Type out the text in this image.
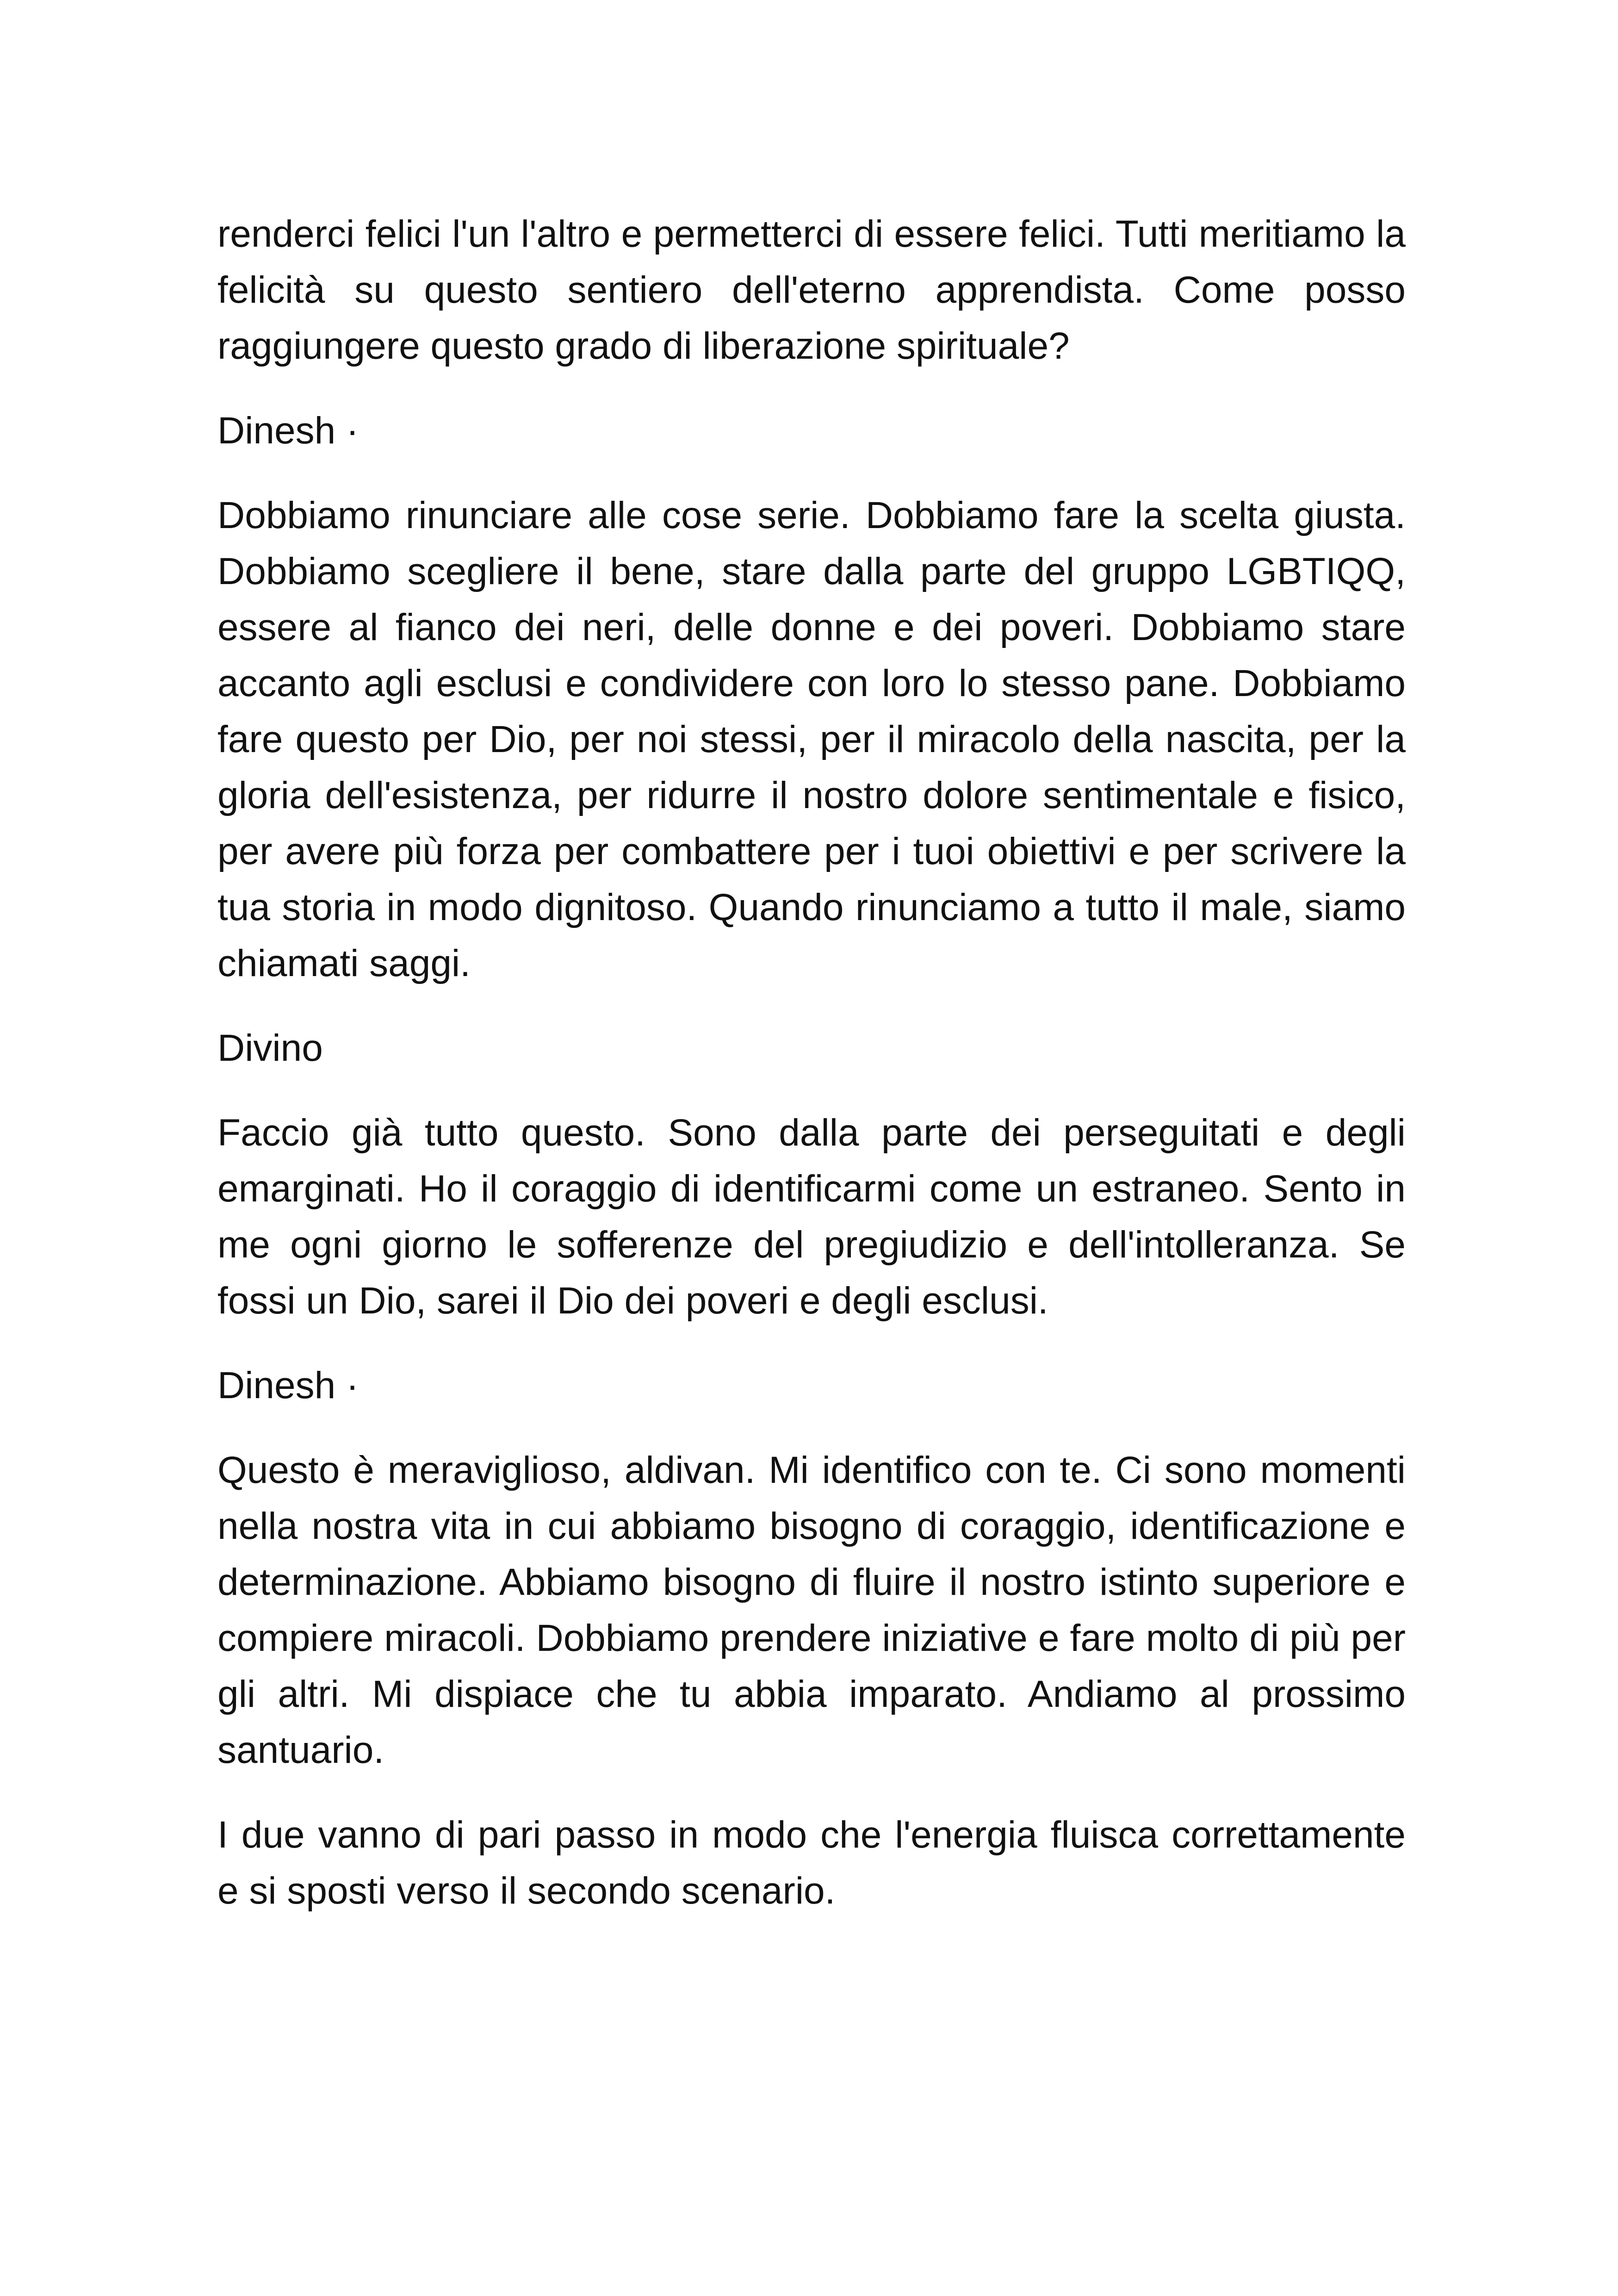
renderci felici l'un l'altro e permetterci di essere felici. Tutti meritiamo la felicità su questo sentiero dell'eterno apprendista. Come posso raggiungere questo grado di liberazione spirituale?

Dinesh ·

Dobbiamo rinunciare alle cose serie. Dobbiamo fare la scelta giusta. Dobbiamo scegliere il bene, stare dalla parte del gruppo LGBTIQQ, essere al fianco dei neri, delle donne e dei poveri. Dobbiamo stare accanto agli esclusi e condividere con loro lo stesso pane. Dobbiamo fare questo per Dio, per noi stessi, per il miracolo della nascita, per la gloria dell'esistenza, per ridurre il nostro dolore sentimentale e fisico, per avere più forza per combattere per i tuoi obiettivi e per scrivere la tua storia in modo dignitoso. Quando rinunciamo a tutto il male, siamo chiamati saggi.

Divino

Faccio già tutto questo. Sono dalla parte dei perseguitati e degli emarginati. Ho il coraggio di identificarmi come un estraneo. Sento in me ogni giorno le sofferenze del pregiudizio e dell'intolleranza. Se fossi un Dio, sarei il Dio dei poveri e degli esclusi.

Dinesh ·

Questo è meraviglioso, aldivan. Mi identifico con te. Ci sono momenti nella nostra vita in cui abbiamo bisogno di coraggio, identificazione e determinazione. Abbiamo bisogno di fluire il nostro istinto superiore e compiere miracoli. Dobbiamo prendere iniziative e fare molto di più per gli altri. Mi dispiace che tu abbia imparato. Andiamo al prossimo santuario.

I due vanno di pari passo in modo che l'energia fluisca correttamente e si sposti verso il secondo scenario.
